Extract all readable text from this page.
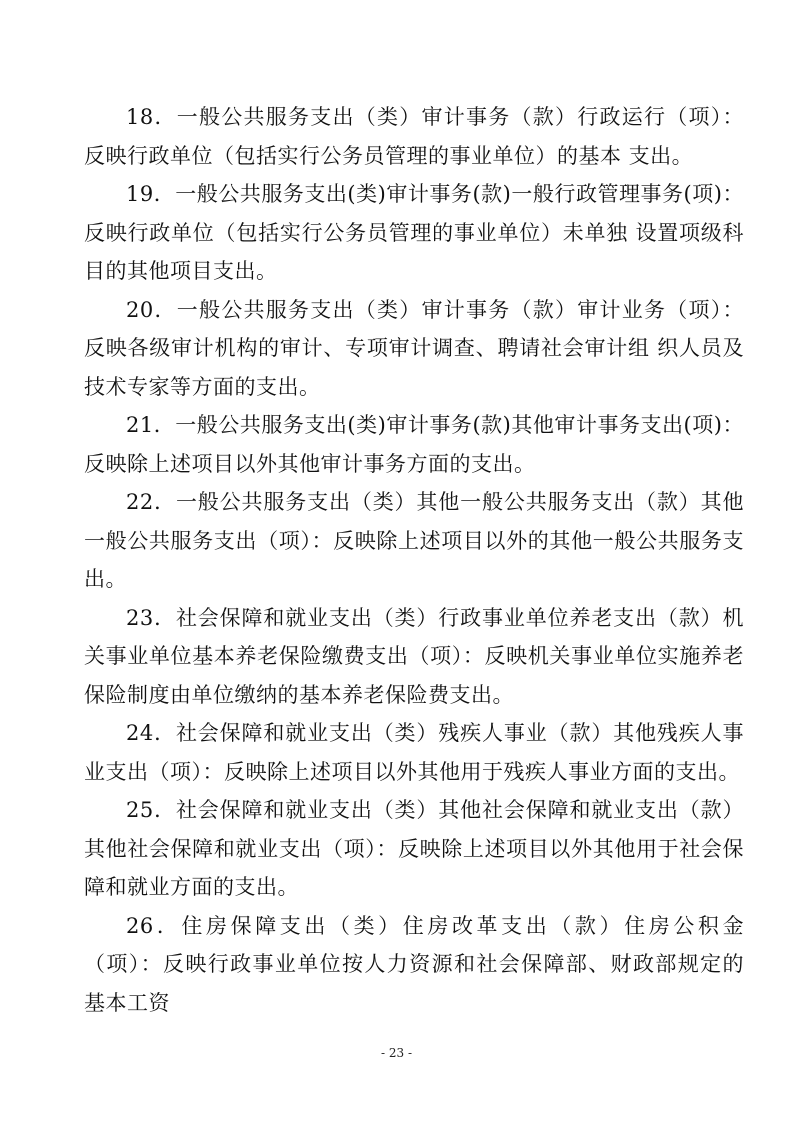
18．一般公共服务支出（类）审计事务（款）行政运行（项）：反映行政单位（包括实行公务员管理的事业单位）的基本 支出。

19．一般公共服务支出(类)审计事务(款)一般行政管理事务(项)：反映行政单位（包括实行公务员管理的事业单位）未单独 设置项级科目的其他项目支出。

20．一般公共服务支出（类）审计事务（款）审计业务（项）：反映各级审计机构的审计、专项审计调查、聘请社会审计组 织人员及技术专家等方面的支出。

21．一般公共服务支出(类)审计事务(款)其他审计事务支出(项)：反映除上述项目以外其他审计事务方面的支出。

22．一般公共服务支出（类）其他一般公共服务支出（款）其他一般公共服务支出（项）：反映除上述项目以外的其他一般公共服务支出。

23．社会保障和就业支出（类）行政事业单位养老支出（款）机关事业单位基本养老保险缴费支出（项）：反映机关事业单位实施养老保险制度由单位缴纳的基本养老保险费支出。

24．社会保障和就业支出（类）残疾人事业（款）其他残疾人事业支出（项）：反映除上述项目以外其他用于残疾人事业方面的支出。

25．社会保障和就业支出（类）其他社会保障和就业支出（款）其他社会保障和就业支出（项）：反映除上述项目以外其他用于社会保障和就业方面的支出。

26．住房保障支出（类）住房改革支出（款）住房公积金（项）：反映行政事业单位按人力资源和社会保障部、财政部规定的 基本工资

- 23 -
